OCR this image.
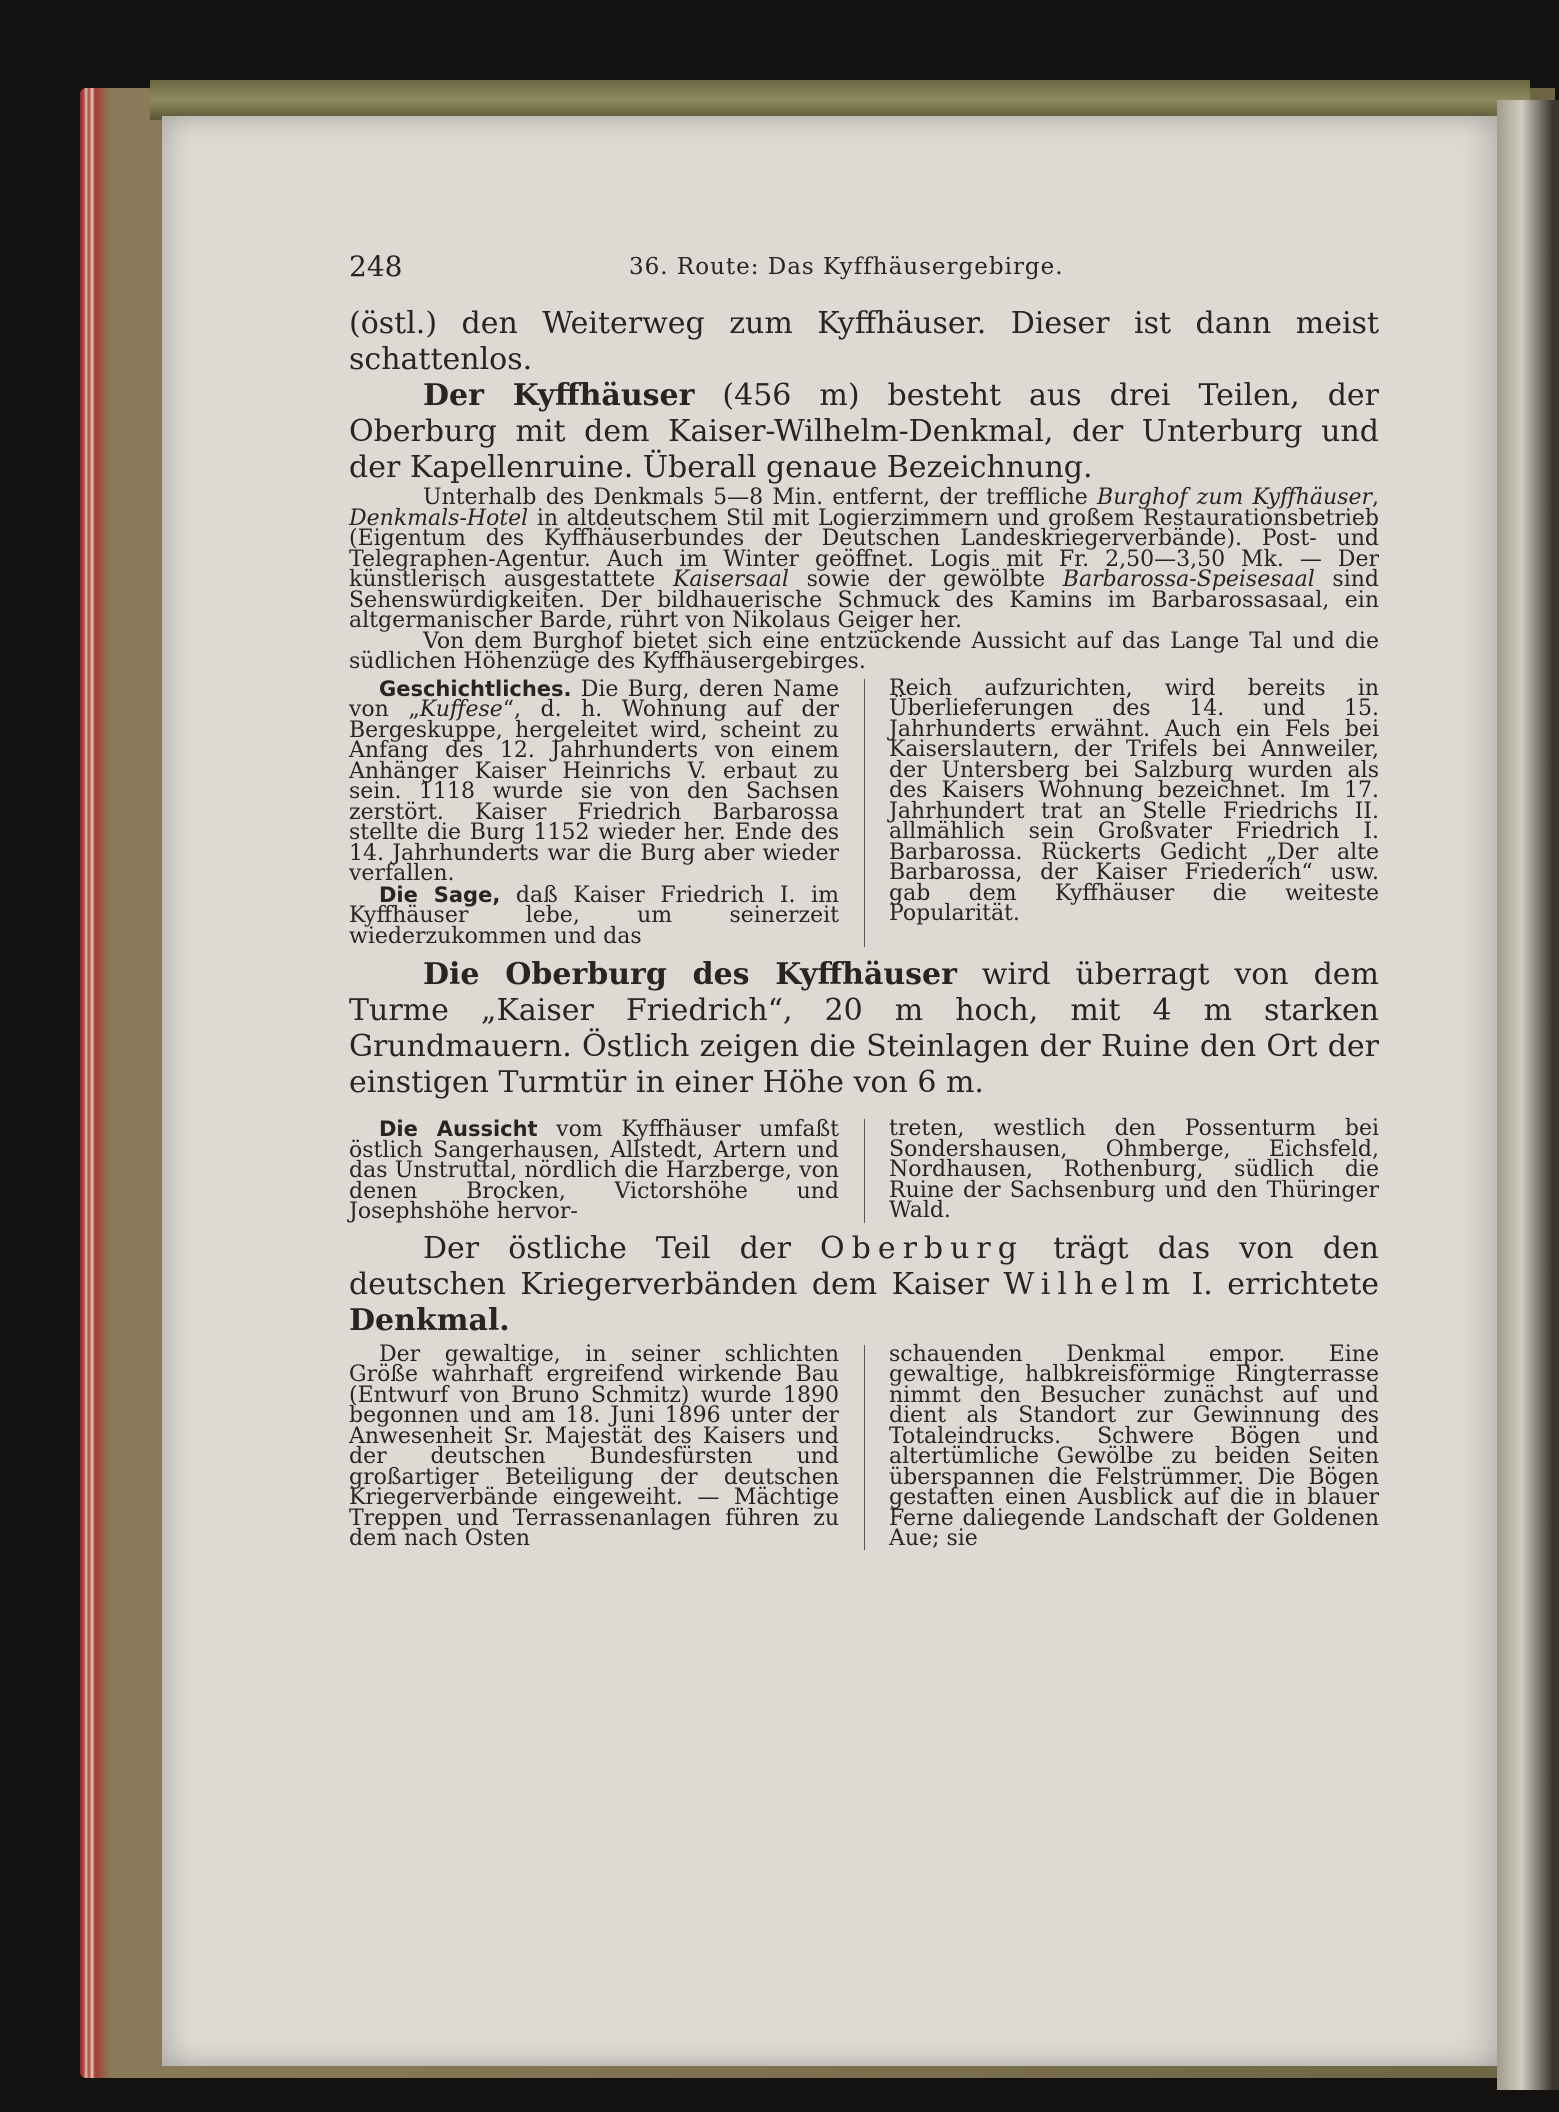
248	36. Route: Das Kyffhäusergebirge.

(östl.) den Weiterweg zum Kyffhäuser. Dieser ist dann meist schattenlos.

Der Kyffhäuser (456 m) besteht aus drei Teilen, der Oberburg mit dem Kaiser-Wilhelm-Denkmal, der Unterburg und der Kapellenruine. Überall genaue Bezeichnung.

Unterhalb des Denkmals 5—8 Min. entfernt, der treffliche Burghof zum Kyffhäuser, Denkmals-Hotel in altdeutschem Stil mit Logierzimmern und großem Restaurationsbetrieb (Eigentum des Kyffhäuserbundes der Deutschen Landeskriegerverbände). Post- und Telegraphen-Agentur. Auch im Winter geöffnet. Logis mit Fr. 2,50—3,50 Mk. — Der künstlerisch ausgestattete Kaisersaal sowie der gewölbte Barbarossa-Speisesaal sind Sehenswürdigkeiten. Der bildhauerische Schmuck des Kamins im Barbarossasaal, ein altgermanischer Barde, rührt von Nikolaus Geiger her.

Von dem Burghof bietet sich eine entzückende Aussicht auf das Lange Tal und die südlichen Höhenzüge des Kyffhäusergebirges.

Geschichtliches. Die Burg, deren Name von „Kuffese“, d. h. Wohnung auf der Bergeskuppe, hergeleitet wird, scheint zu Anfang des 12. Jahrhunderts von einem Anhänger Kaiser Heinrichs V. erbaut zu sein. 1118 wurde sie von den Sachsen zerstört. Kaiser Friedrich Barbarossa stellte die Burg 1152 wieder her. Ende des 14. Jahrhunderts war die Burg aber wieder verfallen.

Die Sage, daß Kaiser Friedrich I. im Kyffhäuser lebe, um seinerzeit wiederzukommen und das

Reich aufzurichten, wird bereits in Überlieferungen des 14. und 15. Jahrhunderts erwähnt. Auch ein Fels bei Kaiserslautern, der Trifels bei Annweiler, der Untersberg bei Salzburg wurden als des Kaisers Wohnung bezeichnet. Im 17. Jahrhundert trat an Stelle Friedrichs II. allmählich sein Großvater Friedrich I. Barbarossa. Rückerts Gedicht „Der alte Barbarossa, der Kaiser Friederich“ usw. gab dem Kyffhäuser die weiteste Popularität.

Die Oberburg des Kyffhäuser wird überragt von dem Turme „Kaiser Friedrich“, 20 m hoch, mit 4 m starken Grundmauern. Östlich zeigen die Steinlagen der Ruine den Ort der einstigen Turmtür in einer Höhe von 6 m.

Die Aussicht vom Kyffhäuser umfaßt östlich Sangerhausen, Allstedt, Artern und das Unstruttal, nördlich die Harzberge, von denen Brocken, Victorshöhe und Josephshöhe hervor-

treten, westlich den Possenturm bei Sondershausen, Ohmberge, Eichsfeld, Nordhausen, Rothenburg, südlich die Ruine der Sachsenburg und den Thüringer Wald.

Der östliche Teil der Oberburg trägt das von den deutschen Kriegerverbänden dem Kaiser Wilhelm I. errichtete Denkmal.

Der gewaltige, in seiner schlichten Größe wahrhaft ergreifend wirkende Bau (Entwurf von Bruno Schmitz) wurde 1890 begonnen und am 18. Juni 1896 unter der Anwesenheit Sr. Majestät des Kaisers und der deutschen Bundesfürsten und großartiger Beteiligung der deutschen Kriegerverbände eingeweiht. — Mächtige Treppen und Terrassenanlagen führen zu dem nach Osten

schauenden Denkmal empor. Eine gewaltige, halbkreisförmige Ringterrasse nimmt den Besucher zunächst auf und dient als Standort zur Gewinnung des Totaleindrucks. Schwere Bögen und altertümliche Gewölbe zu beiden Seiten überspannen die Felstrümmer. Die Bögen gestatten einen Ausblick auf die in blauer Ferne daliegende Landschaft der Goldenen Aue; sie
